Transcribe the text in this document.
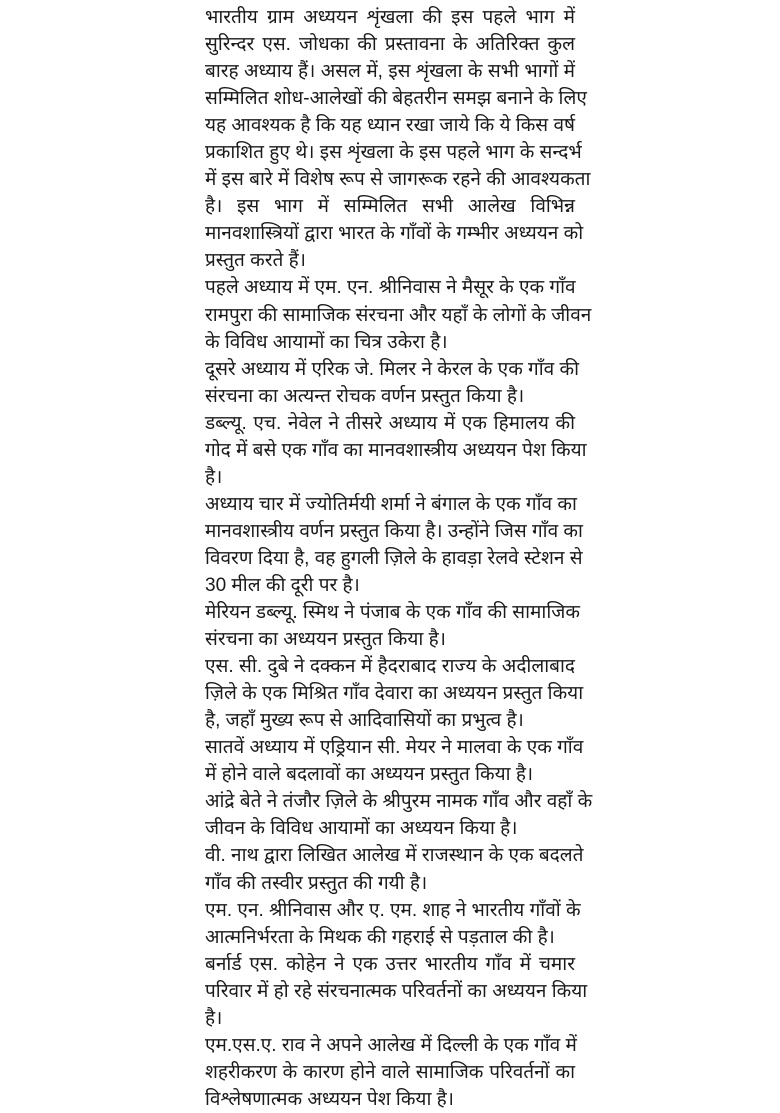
भारतीय ग्राम अध्ययन शृंखला की इस पहले भाग में
सुरिन्दर एस. जोधका की प्रस्तावना के अतिरिक्त कुल
बारह अध्याय हैं। असल में, इस शृंखला के सभी भागों में
सम्मिलित शोध-आलेखों की बेहतरीन समझ बनाने के लिए
यह आवश्यक है कि यह ध्यान रखा जाये कि ये किस वर्ष
प्रकाशित हुए थे। इस शृंखला के इस पहले भाग के सन्दर्भ
में इस बारे में विशेष रूप से जागरूक रहने की आवश्यकता
है। इस भाग में सम्मिलित सभी आलेख विभिन्न
मानवशास्त्रियों द्वारा भारत के गाँवों के गम्भीर अध्ययन को
प्रस्तुत करते हैं।
पहले अध्याय में एम. एन. श्रीनिवास ने मैसूर के एक गाँव
रामपुरा की सामाजिक संरचना और यहाँ के लोगों के जीवन
के विविध आयामों का चित्र उकेरा है।
दूसरे अध्याय में एरिक जे. मिलर ने केरल के एक गाँव की
संरचना का अत्यन्त रोचक वर्णन प्रस्तुत किया है।
डब्ल्यू. एच. नेवेल ने तीसरे अध्याय में एक हिमालय की
गोद में बसे एक गाँव का मानवशास्त्रीय अध्ययन पेश किया
है।
अध्याय चार में ज्योतिर्मयी शर्मा ने बंगाल के एक गाँव का
मानवशास्त्रीय वर्णन प्रस्तुत किया है। उन्होंने जिस गाँव का
विवरण दिया है, वह हुगली ज़िले के हावड़ा रेलवे स्टेशन से
30 मील की दूरी पर है।
मेरियन डब्ल्यू. स्मिथ ने पंजाब के एक गाँव की सामाजिक
संरचना का अध्ययन प्रस्तुत किया है।
एस. सी. दुबे ने दक्कन में हैदराबाद राज्य के अदीलाबाद
ज़िले के एक मिश्रित गाँव देवारा का अध्ययन प्रस्तुत किया
है, जहाँ मुख्य रूप से आदिवासियों का प्रभुत्व है।
सातवें अध्याय में एड्रियान सी. मेयर ने मालवा के एक गाँव
में होने वाले बदलावों का अध्ययन प्रस्तुत किया है।
आंद्रे बेते ने तंजौर ज़िले के श्रीपुरम नामक गाँव और वहाँ के
जीवन के विविध आयामों का अध्ययन किया है।
वी. नाथ द्वारा लिखित आलेख में राजस्थान के एक बदलते
गाँव की तस्वीर प्रस्तुत की गयी है।
एम. एन. श्रीनिवास और ए. एम. शाह ने भारतीय गाँवों के
आत्मनिर्भरता के मिथक की गहराई से पड़ताल की है।
बर्नार्ड एस. कोहेन ने एक उत्तर भारतीय गाँव में चमार
परिवार में हो रहे संरचनात्मक परिवर्तनों का अध्ययन किया
है।
एम.एस.ए. राव ने अपने आलेख में दिल्ली के एक गाँव में
शहरीकरण के कारण होने वाले सामाजिक परिवर्तनों का
विश्लेषणात्मक अध्ययन पेश किया है।
